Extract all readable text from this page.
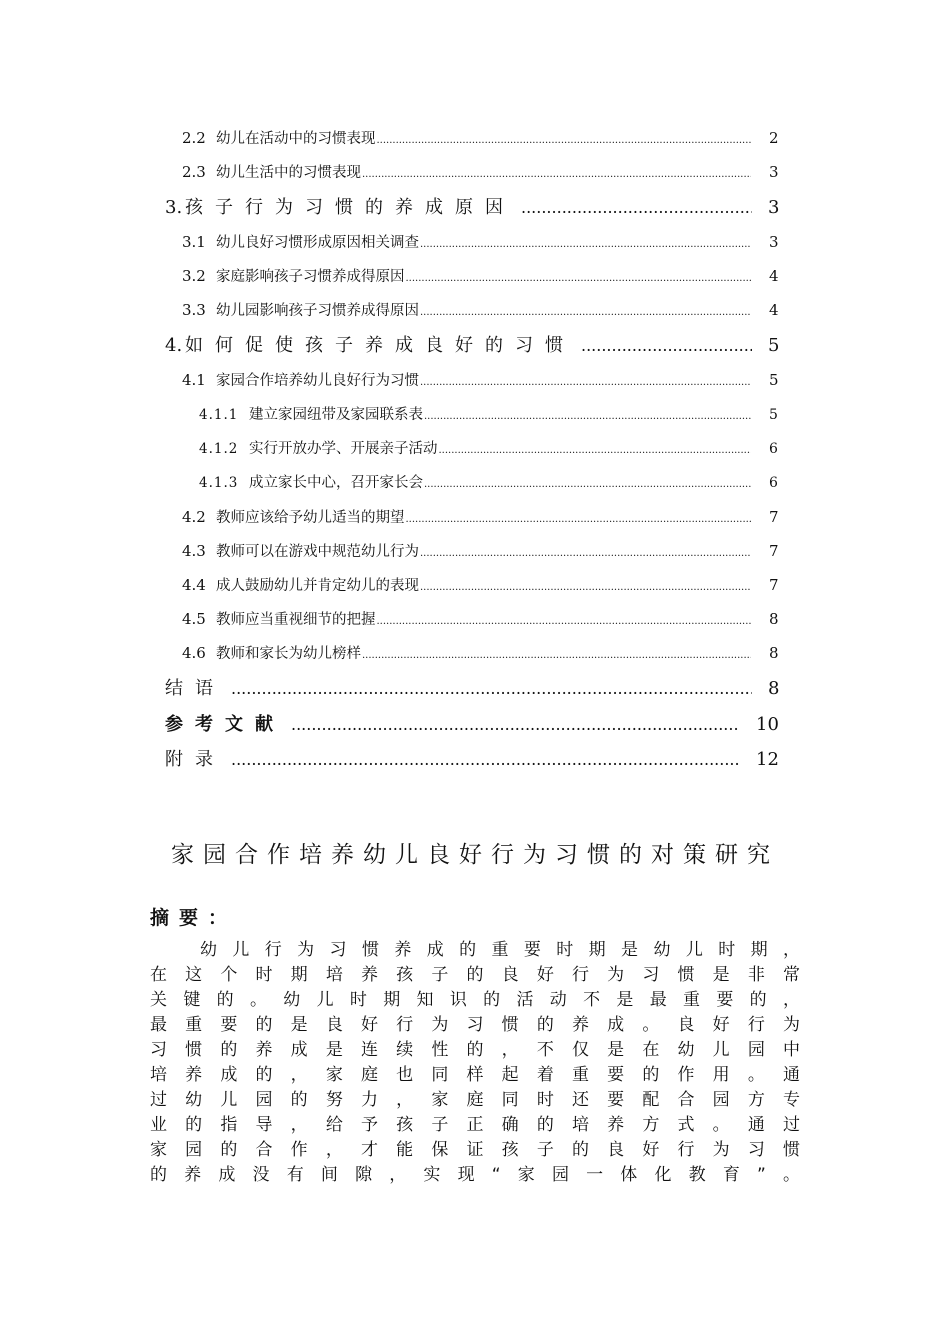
2.2 幼儿在活动中的习惯表现 .....	2
2.3 幼儿生活中的习惯表现 .....	3
3. 孩子行为习惯的养成原因 .....	3
3.1 幼儿良好习惯形成原因相关调查 .....	3
3.2 家庭影响孩子习惯养成得原因 .....	4
3.3 幼儿园影响孩子习惯养成得原因 .....	4
4. 如何促使孩子养成良好的习惯 .....	5
4.1 家园合作培养幼儿良好行为习惯 .....	5
4.1.1 建立家园纽带及家园联系表 .....	5
4.1.2 实行开放办学、开展亲子活动 .....	6
4.1.3 成立家长中心，召开家长会 .....	6
4.2 教师应该给予幼儿适当的期望 .....	7
4.3 教师可以在游戏中规范幼儿行为 .....	7
4.4 成人鼓励幼儿并肯定幼儿的表现 .....	7
4.5 教师应当重视细节的把握 .....	8
4.6 教师和家长为幼儿榜样 .....	8
结语 .....	8
参考文献 .....	10
附录 .....	12
家园合作培养幼儿良好行为习惯的对策研究
摘要：
幼儿行为习惯养成的重要时期是幼儿时期，
在这个时期培养孩子的良好行为习惯是非常
关键的。幼儿时期知识的活动不是最重要的，
最重要的是良好行为习惯的养成。良好行为
习惯的养成是连续性的，不仅是在幼儿园中
培养成的，家庭也同样起着重要的作用。通
过幼儿园的努力，家庭同时还要配合园方专
业的指导，给予孩子正确的培养方式。通过
家园的合作，才能保证孩子的良好行为习惯
的养成没有间隙，实现“家园一体化教育”。
